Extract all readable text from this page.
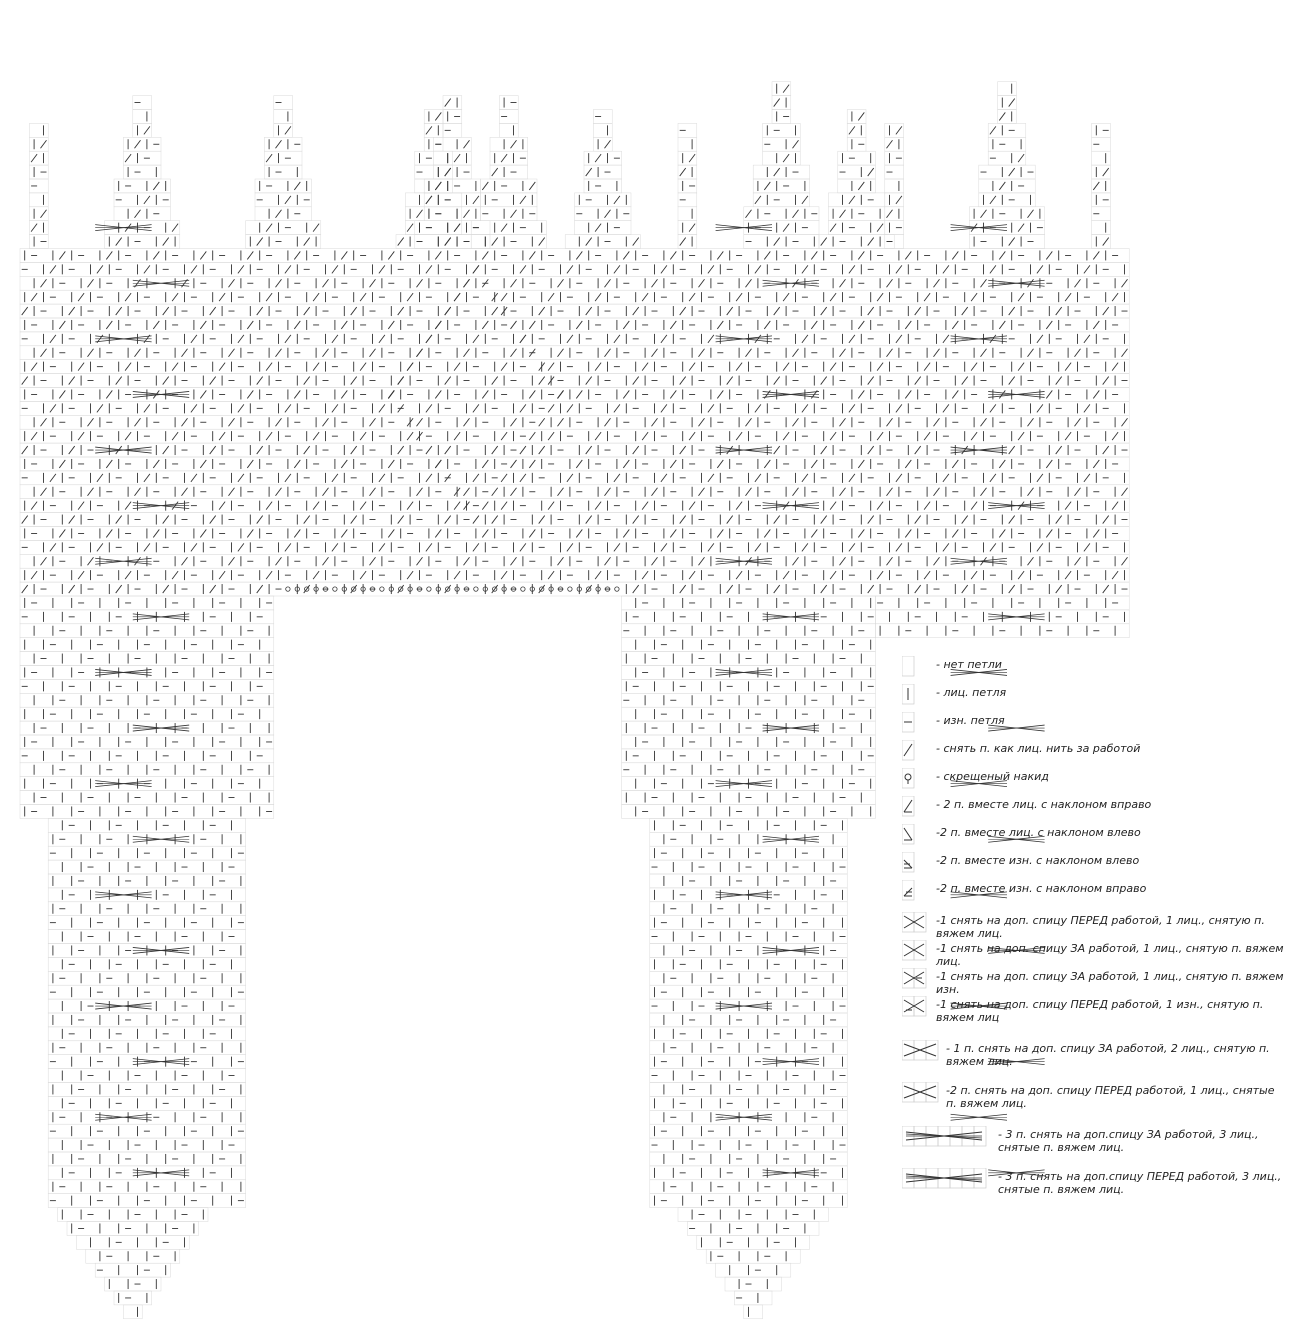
- нет петли
- лиц. петля
- изн. петля
- снять п. как лиц. нить за работой
- скрещеный накид
- 2 п. вместе лиц. с наклоном вправо
-2 п. вместе лиц. с наклоном влево
-2 п. вместе изн. с наклоном влево
-2 п. вместе изн. с наклоном вправо
-1 снять на доп. спицу ПЕРЕД работой, 1 лиц., снятую п. вяжем лиц.
-1 снять на доп. спицу ЗА работой, 1 лиц., снятую п. вяжем лиц.
-1 снять на доп. спицу ЗА работой, 1 лиц., снятую п. вяжем изн.
-1 снять на доп. спицу ПЕРЕД работой, 1 изн., снятую п. вяжем лиц
- 1 п. снять на доп. спицу ЗА работой, 2 лиц., снятую п. вяжем лиц.
-2 п. снять на доп. спицу ПЕРЕД работой, 1 лиц., снятые п. вяжем лиц.
- 3 п. снять на доп.спицу ЗА работой, 3 лиц., снятые п. вяжем лиц.
- 3 п. снять на доп.спицу ПЕРЕД работой, 3 лиц., снятые п. вяжем лиц.
